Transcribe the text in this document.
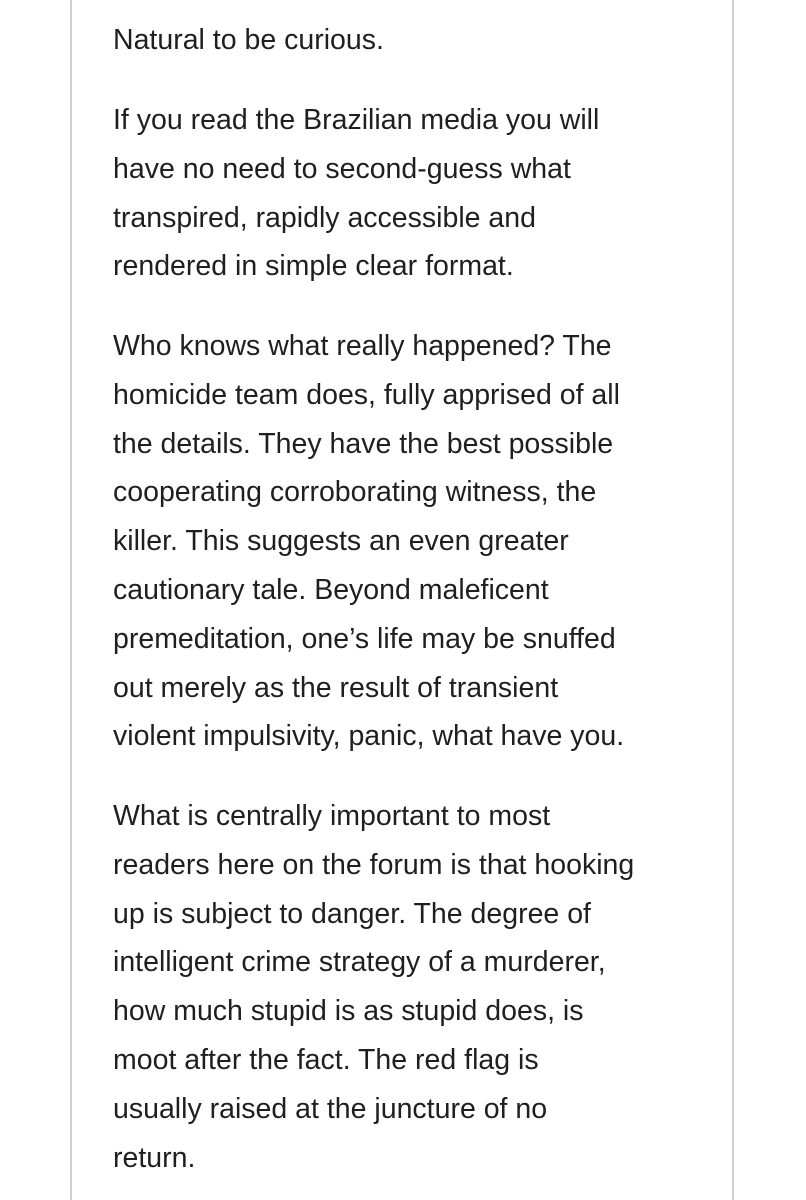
Natural to be curious.

If you read the Brazilian media you will
have no need to second-guess what
transpired, rapidly accessible and
rendered in simple clear format.

Who knows what really happened? The
homicide team does, fully apprised of all
the details. They have the best possible
cooperating corroborating witness, the
killer. This suggests an even greater
cautionary tale. Beyond maleficent
premeditation, one’s life may be snuffed
out merely as the result of transient
violent impulsivity, panic, what have you.

What is centrally important to most
readers here on the forum is that hooking
up is subject to danger. The degree of
intelligent crime strategy of a murderer,
how much stupid is as stupid does, is
moot after the fact. The red flag is
usually raised at the juncture of no
return.
